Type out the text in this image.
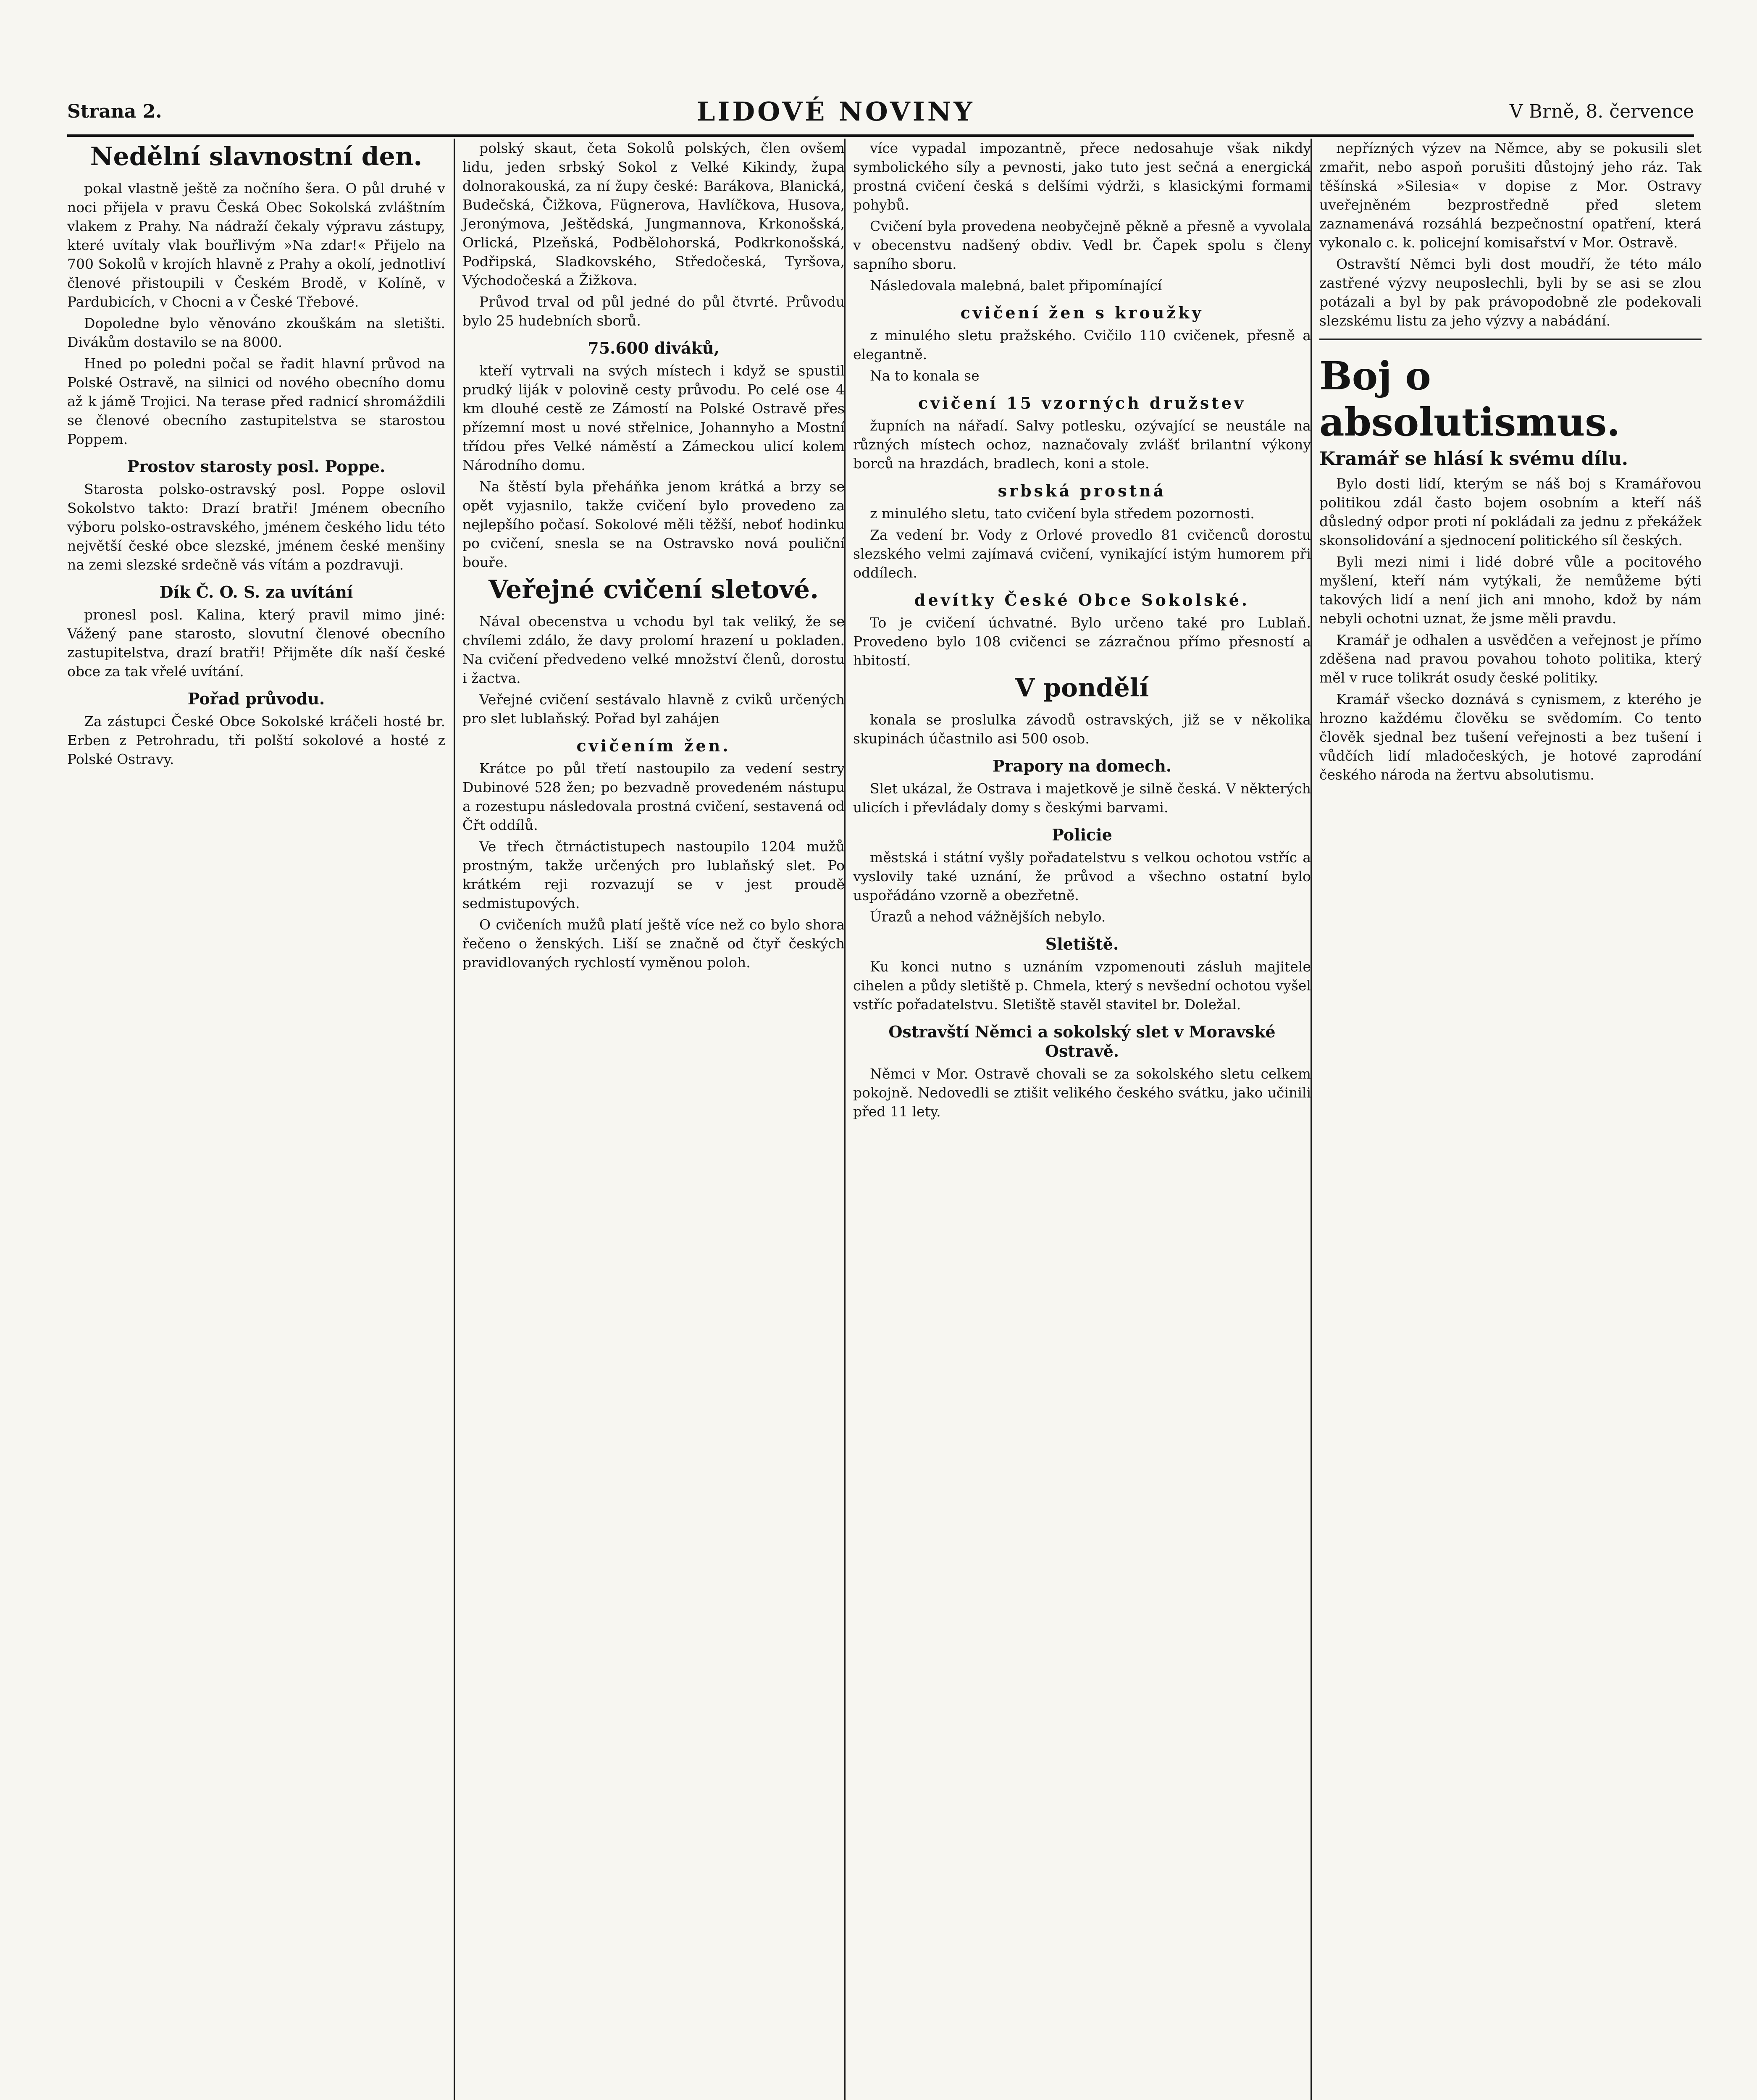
Strana 2.	LIDOVÉ NOVINY	V Brně, 8. července
Nedělní slavnostní den.

pokal vlastně ještě za nočního šera. O půl druhé v noci přijela v pravu Česká Obec Sokolská zvláštním vlakem z Prahy. Na nádraží čekaly výpravu zástupy, které uvítaly vlak bouřlivým »Na zdar!« Přijelo na 700 Sokolů v krojích hlavně z Prahy a okolí, jednotliví členové přistoupili v Českém Brodě, v Kolíně, v Pardubicích, v Chocni a v České Třebové.

Dopoledne bylo věnováno zkouškám na sletišti. Divákům dostavilo se na 8000.

Hned po poledni počal se řadit hlavní průvod na Polské Ostravě, na silnici od nového obecního domu až k jámě Trojici. Na terase před radnicí shromáždili se členové obecního zastupitelstva se starostou Poppem.

Prostov starosty posl. Poppe.

Starosta polsko-ostravský posl. Poppe oslovil Sokolstvo takto: Drazí bratři! Jménem obecního výboru polsko-ostravského, jménem českého lidu této největší české obce slezské, jménem české menšiny na zemi slezské srdečně vás vítám a pozdravuji.

Dík Č. O. S. za uvítání

pronesl posl. Kalina, který pravil mimo jiné: Vážený pane starosto, slovutní členové obecního zastupitelstva, drazí bratři! Přijměte dík naší české obce za tak vřelé uvítání.

Pořad průvodu.

Za zástupci České Obce Sokolské kráčeli hosté br. Erben z Petrohradu, tři polští sokolové a hosté z Polské Ostravy.

polský skaut, četa Sokolů polských, člen ovšem lidu, jeden srbský Sokol z Velké Kikindy, župa dolnorakouská, za ní župy české: Barákova, Blanická, Budečská, Čižkova, Fügnerova, Havlíčkova, Husova, Jeronýmova, Ještědská, Jungmannova, Krkonošská, Orlická, Plzeňská, Podbělohorská, Podkrkonošská, Podřipská, Sladkovského, Středočeská, Tyršova, Východočeská a Žižkova.

Průvod trval od půl jedné do půl čtvrté. Průvodu bylo 25 hudebních sborů.

75.600 diváků,

kteří vytrvali na svých místech i když se spustil prudký liják v polovině cesty průvodu. Po celé ose 4 km dlouhé cestě ze Zámostí na Polské Ostravě přes přízemní most u nové střelnice, Johannyho a Mostní třídou přes Velké náměstí a Zámeckou ulicí kolem Národního domu.

Na štěstí byla přeháňka jenom krátká a brzy se opět vyjasnilo, takže cvičení bylo provedeno za nejlepšího počasí. Sokolové měli těžší, neboť hodinku po cvičení, snesla se na Ostravsko nová pouliční bouře.

Veřejné cvičení sletové.

Nával obecenstva u vchodu byl tak veliký, že se chvílemi zdálo, že davy prolomí hrazení u pokladen. Na cvičení předvedeno velké množství členů, dorostu i žactva.

Veřejné cvičení sestávalo hlavně z cviků určených pro slet lublaňský. Pořad byl zahájen

cvičením žen.

Krátce po půl třetí nastoupilo za vedení sestry Dubinové 528 žen; po bezvadně provedeném nástupu a rozestupu následovala prostná cvičení, sestavená od Čřt oddílů.

Ve třech čtrnáctistupech nastoupilo 1204 mužů prostným, takže určených pro lublaňský slet. Po krátkém reji rozvazují se v jest proudě sedmistupových.

O cvičeních mužů platí ještě více než co bylo shora řečeno o ženských. Liší se značně od čtyř českých pravidlovaných rychlostí vyměnou poloh.

více vypadal impozantně, přece nedosahuje však nikdy symbolického síly a pevnosti, jako tuto jest sečná a energická prostná cvičení česká s delšími výdrži, s klasickými formami pohybů.

Cvičení byla provedena neobyčejně pěkně a přesně a vyvolala v obecenstvu nadšený obdiv. Vedl br. Čapek spolu s členy sapního sboru.

Následovala malebná, balet připomínající

cvičení žen s kroužky

z minulého sletu pražského. Cvičilo 110 cvičenek, přesně a elegantně.

Na to konala se

cvičení 15 vzorných družstev

župních na nářadí. Salvy potlesku, ozývající se neustále na různých místech ochoz, naznačovaly zvlášť brilantní výkony borců na hrazdách, bradlech, koni a stole.

srbská prostná

z minulého sletu, tato cvičení byla středem pozornosti.

Za vedení br. Vody z Orlové provedlo 81 cvičenců dorostu slezského velmi zajímavá cvičení, vynikající istým humorem při oddílech.

devítky České Obce Sokolské.

To je cvičení úchvatné. Bylo určeno také pro Lublaň. Provedeno bylo 108 cvičenci se zázračnou přímo přesností a hbitostí.

V pondělí

konala se proslulka závodů ostravských, již se v několika skupinách účastnilo asi 500 osob.

Prapory na domech.

Slet ukázal, že Ostrava i majetkově je silně česká. V některých ulicích i převládaly domy s českými barvami.

Policie

městská i státní vyšly pořadatelstvu s velkou ochotou vstříc a vyslovily také uznání, že průvod a všechno ostatní bylo uspořádáno vzorně a obezřetně.

Úrazů a nehod vážnějších nebylo.

Sletiště.

Ku konci nutno s uznáním vzpomenouti zásluh majitele cihelen a půdy sletiště p. Chmela, který s nevšední ochotou vyšel vstříc pořadatelstvu. Sletiště stavěl stavitel br. Doležal.

Ostravští Němci a sokolský slet v Moravské Ostravě.

Němci v Mor. Ostravě chovali se za sokolského sletu celkem pokojně. Nedovedli se ztišit velikého českého svátku, jako učinili před 11 lety.

nepřízných výzev na Němce, aby se pokusili slet zmařit, nebo aspoň porušiti důstojný jeho ráz. Tak těšínská »Silesia« v dopise z Mor. Ostravy uveřejněném bezprostředně před sletem zaznamenává rozsáhlá bezpečnostní opatření, která vykonalo c. k. policejní komisařství v Mor. Ostravě.

Ostravští Němci byli dost moudří, že této málo zastřené výzvy neuposlechli, byli by se asi se zlou potázali a byl by pak právopodobně zle podekovali slezskému listu za jeho výzvy a nabádání.

Boj o absolutismus.
Kramář se hlásí k svému dílu.

Bylo dosti lidí, kterým se náš boj s Kramářovou politikou zdál často bojem osobním a kteří náš důsledný odpor proti ní pokládali za jednu z překážek skonsolidování a sjednocení politického síl českých.

Byli mezi nimi i lidé dobré vůle a pocitového myšlení, kteří nám vytýkali, že nemůžeme býti takových lidí a není jich ani mnoho, kdož by nám nebyli ochotni uznat, že jsme měli pravdu.

Kramář je odhalen a usvědčen a veřejnost je přímo zděšena nad pravou povahou tohoto politika, který měl v ruce tolikrát osudy české politiky.

Kramář všecko doznává s cynismem, z kterého je hrozno každému člověku se svědomím. Co tento člověk sjednal bez tušení veřejnosti a bez tušení i vůdčích lidí mladočeských, je hotové zaprodání českého národa na žertvu absolutismu.
